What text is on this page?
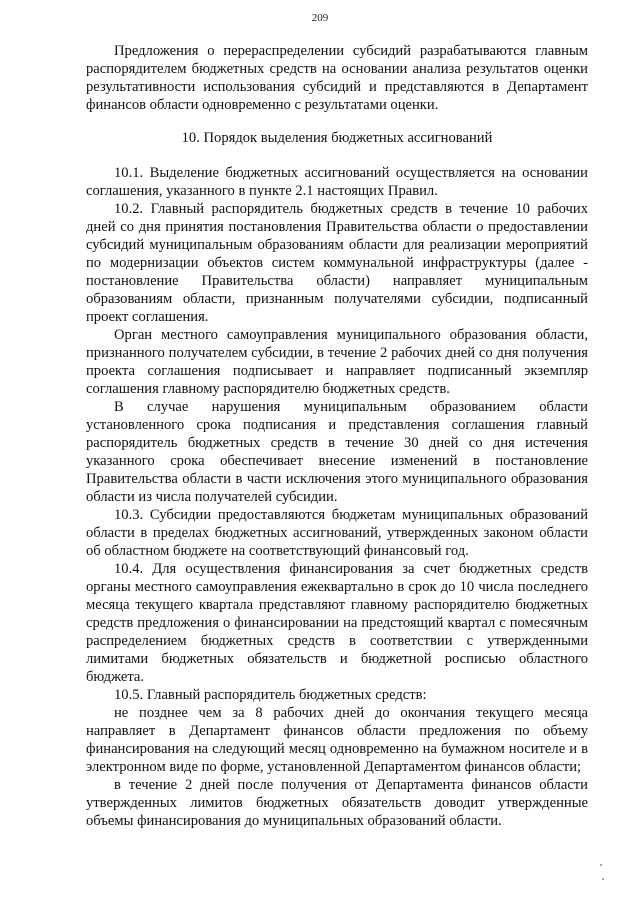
209

Предложения о перераспределении субсидий разрабатываются главным распорядителем бюджетных средств на основании анализа результатов оценки результативности использования субсидий и представляются в Департамент финансов области одновременно с результатами оценки.

10. Порядок выделения бюджетных ассигнований

10.1. Выделение бюджетных ассигнований осуществляется на основании соглашения, указанного в пункте 2.1 настоящих Правил.

10.2. Главный распорядитель бюджетных средств в течение 10 рабочих дней со дня принятия постановления Правительства области о предоставлении субсидий муниципальным образованиям области для реализации мероприятий по модернизации объектов систем коммунальной инфраструктуры (далее - постановление Правительства области) направляет муниципальным образованиям области, признанным получателями субсидии, подписанный проект соглашения.

Орган местного самоуправления муниципального образования области, признанного получателем субсидии, в течение 2 рабочих дней со дня получения проекта соглашения подписывает и направляет подписанный экземпляр соглашения главному распорядителю бюджетных средств.

В случае нарушения муниципальным образованием области установленного срока подписания и представления соглашения главный распорядитель бюджетных средств в течение 30 дней со дня истечения указанного срока обеспечивает внесение изменений в постановление Правительства области в части исключения этого муниципального образования области из числа получателей субсидии.

10.3. Субсидии предоставляются бюджетам муниципальных образований области в пределах бюджетных ассигнований, утвержденных законом области об областном бюджете на соответствующий финансовый год.

10.4. Для осуществления финансирования за счет бюджетных средств органы местного самоуправления ежеквартально в срок до 10 числа последнего месяца текущего квартала представляют главному распорядителю бюджетных средств предложения о финансировании на предстоящий квартал с помесячным распределением бюджетных средств в соответствии с утвержденными лимитами бюджетных обязательств и бюджетной росписью областного бюджета.

10.5. Главный распорядитель бюджетных средств:

не позднее чем за 8 рабочих дней до окончания текущего месяца направляет в Департамент финансов области предложения по объему финансирования на следующий месяц одновременно на бумажном носителе и в электронном виде по форме, установленной Департаментом финансов области;

в течение 2 дней после получения от Департамента финансов области утвержденных лимитов бюджетных обязательств доводит утвержденные объемы финансирования до муниципальных образований области.
